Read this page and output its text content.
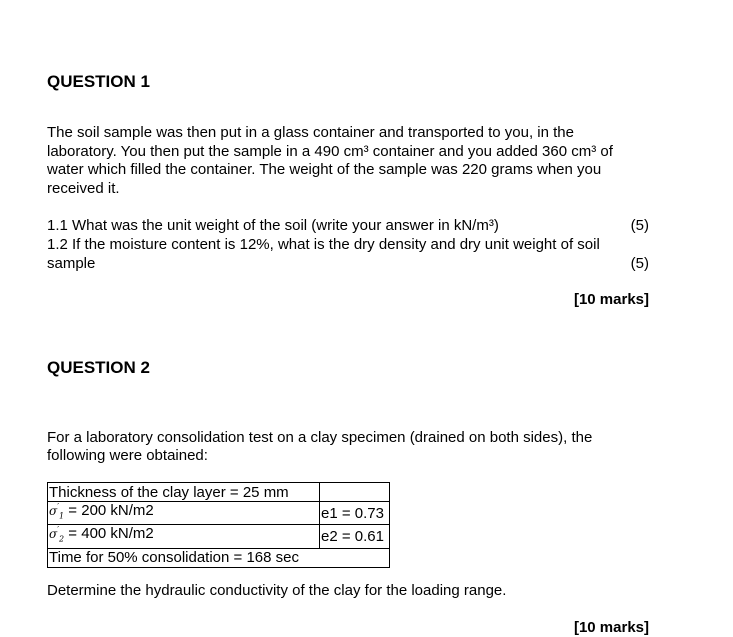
QUESTION 1
The soil sample was then put in a glass container and transported to you, in the
laboratory. You then put the sample in a 490 cm³ container and you added 360 cm³ of
water which filled the container. The weight of the sample was 220 grams when you
received it.
1.1 What was the unit weight of the soil (write your answer in kN/m³)	(5)
1.2 If the moisture content is 12%, what is the dry density and dry unit weight of soil
sample	(5)
[10 marks]
QUESTION 2
For a laboratory consolidation test on a clay specimen (drained on both sides), the
following were obtained:
Thickness of the clay layer = 25 mm	
$\sigma'_1 = 200$ kN/m2	e1 = 0.73
$\sigma'_2 = 400$ kN/m2	e2 = 0.61
Time for 50% consolidation = 168 sec	
Determine the hydraulic conductivity of the clay for the loading range.
[10 marks]
